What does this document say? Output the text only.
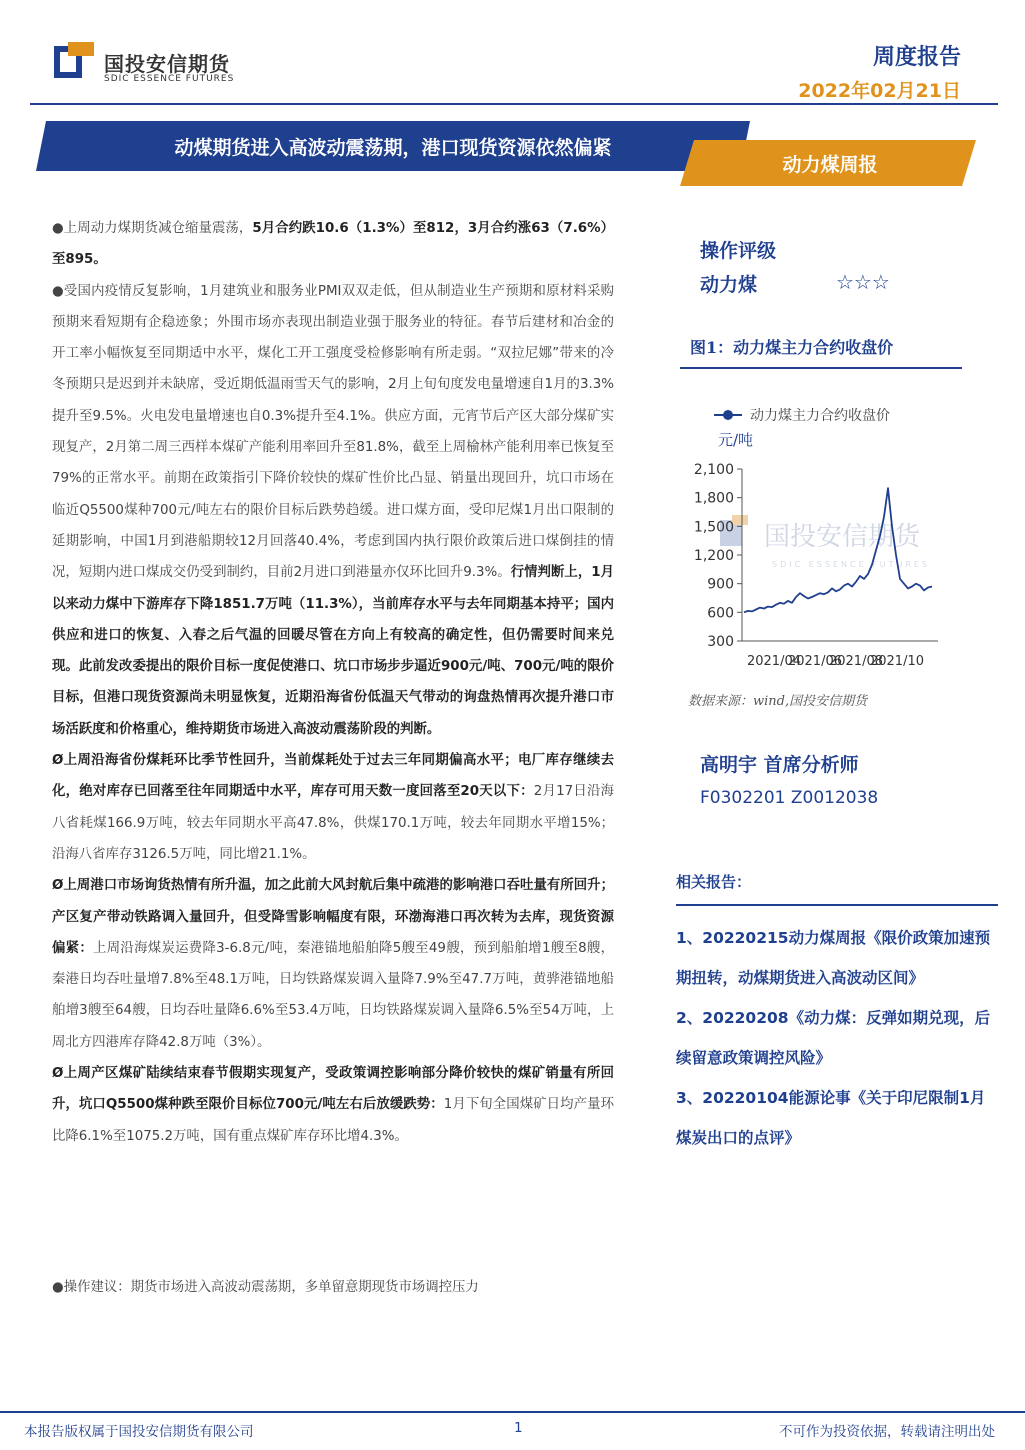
国投安信期货
SDIC ESSENCE FUTURES
周度报告
2022年02月21日
动煤期货进入高波动震荡期，港口现货资源依然偏紧
动力煤周报

●上周动力煤期货减仓缩量震荡，5月合约跌10.6（1.3%）至812，3月合约涨63（7.6%）至895。

●受国内疫情反复影响，1月建筑业和服务业PMI双双走低，但从制造业生产预期和原材料采购预期来看短期有企稳迹象；外围市场亦表现出制造业强于服务业的特征。春节后建材和冶金的开工率小幅恢复至同期适中水平，煤化工开工强度受检修影响有所走弱。“双拉尼娜”带来的冷冬预期只是迟到并未缺席，受近期低温雨雪天气的影响，2月上旬旬度发电量增速自1月的3.3%提升至9.5%。火电发电量增速也自0.3%提升至4.1%。供应方面，元宵节后产区大部分煤矿实现复产，2月第二周三西样本煤矿产能利用率回升至81.8%，截至上周榆林产能利用率已恢复至79%的正常水平。前期在政策指引下降价较快的煤矿性价比凸显、销量出现回升，坑口市场在临近Q5500煤种700元/吨左右的限价目标后跌势趋缓。进口煤方面，受印尼煤1月出口限制的延期影响，中国1月到港船期较12月回落40.4%，考虑到国内执行限价政策后进口煤倒挂的情况，短期内进口煤成交仍受到制约，目前2月进口到港量亦仅环比回升9.3%。行情判断上，1月以来动力煤中下游库存下降1851.7万吨（11.3%），当前库存水平与去年同期基本持平；国内供应和进口的恢复、入春之后气温的回暖尽管在方向上有较高的确定性，但仍需要时间来兑现。此前发改委提出的限价目标一度促使港口、坑口市场步步逼近900元/吨、700元/吨的限价目标，但港口现货资源尚未明显恢复，近期沿海省份低温天气带动的询盘热情再次提升港口市场活跃度和价格重心，维持期货市场进入高波动震荡阶段的判断。

Ø上周沿海省份煤耗环比季节性回升，当前煤耗处于过去三年同期偏高水平；电厂库存继续去化，绝对库存已回落至往年同期适中水平，库存可用天数一度回落至20天以下：2月17日沿海八省耗煤166.9万吨，较去年同期水平高47.8%，供煤170.1万吨，较去年同期水平增15%；沿海八省库存3126.5万吨，同比增21.1%。

Ø上周港口市场询货热情有所升温，加之此前大风封航后集中疏港的影响港口吞吐量有所回升；产区复产带动铁路调入量回升，但受降雪影响幅度有限，环渤海港口再次转为去库，现货资源偏紧：上周沿海煤炭运费降3-6.8元/吨，秦港锚地船舶降5艘至49艘，预到船舶增1艘至8艘，秦港日均吞吐量增7.8%至48.1万吨，日均铁路煤炭调入量降7.9%至47.7万吨，黄骅港锚地船舶增3艘至64艘，日均吞吐量降6.6%至53.4万吨，日均铁路煤炭调入量降6.5%至54万吨，上周北方四港库存降42.8万吨（3%）。

Ø上周产区煤矿陆续结束春节假期实现复产，受政策调控影响部分降价较快的煤矿销量有所回升，坑口Q5500煤种跌至限价目标位700元/吨左右后放缓跌势：1月下旬全国煤矿日均产量环比降6.1%至1075.2万吨，国有重点煤矿库存环比增4.3%。

●操作建议：期货市场进入高波动震荡期，多单留意期现货市场调控压力
操作评级
动力煤	☆☆☆
图1：动力煤主力合约收盘价
国投安信期货
SDIC ESSENCE FUTURES
动力煤主力合约收盘价
元/吨
2,100
1,800
1,500
1,200
900
600
300
2021/04
2021/06
2021/08
2021/10
数据来源：wind,国投安信期货
高明宇 首席分析师
F0302201 Z0012038
相关报告：
1、20220215动力煤周报《限价政策加速预期扭转，动煤期货进入高波动区间》
2、20220208《动力煤：反弹如期兑现，后续留意政策调控风险》
3、20220104能源论事《关于印尼限制1月煤炭出口的点评》
本报告版权属于国投安信期货有限公司	1	不可作为投资依据，转载请注明出处
